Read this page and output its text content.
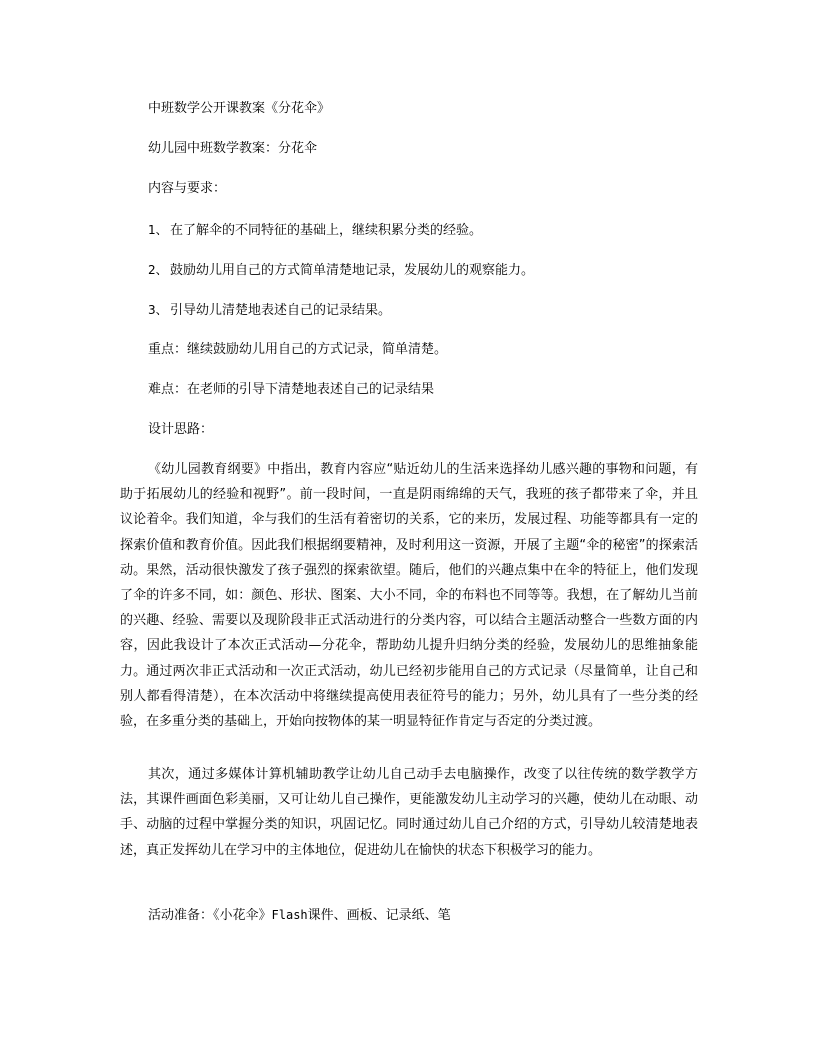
中班数学公开课教案《分花伞》
幼儿园中班数学教案：分花伞
内容与要求：
1、 在了解伞的不同特征的基础上，继续积累分类的经验。
2、 鼓励幼儿用自己的方式简单清楚地记录，发展幼儿的观察能力。
3、 引导幼儿清楚地表述自己的记录结果。
重点：继续鼓励幼儿用自己的方式记录，简单清楚。
难点：在老师的引导下清楚地表述自己的记录结果
设计思路：
《幼儿园教育纲要》中指出，教育内容应“贴近幼儿的生活来选择幼儿感兴趣的事物和问题，有助于拓展幼儿的经验和视野”。前一段时间，一直是阴雨绵绵的天气，我班的孩子都带来了伞，并且议论着伞。我们知道，伞与我们的生活有着密切的关系，它的来历，发展过程、功能等都具有一定的探索价值和教育价值。因此我们根据纲要精神，及时利用这一资源，开展了主题“伞的秘密”的探索活动。果然，活动很快激发了孩子强烈的探索欲望。随后，他们的兴趣点集中在伞的特征上，他们发现了伞的许多不同，如：颜色、形状、图案、大小不同，伞的布料也不同等等。我想，在了解幼儿当前的兴趣、经验、需要以及现阶段非正式活动进行的分类内容，可以结合主题活动整合一些数方面的内容，因此我设计了本次正式活动—分花伞，帮助幼儿提升归纳分类的经验，发展幼儿的思维抽象能力。通过两次非正式活动和一次正式活动，幼儿已经初步能用自己的方式记录（尽量简单，让自己和别人都看得清楚），在本次活动中将继续提高使用表征符号的能力；另外，幼儿具有了一些分类的经验，在多重分类的基础上，开始向按物体的某一明显特征作肯定与否定的分类过渡。
其次，通过多媒体计算机辅助教学让幼儿自己动手去电脑操作，改变了以往传统的数学教学方法，其课件画面色彩美丽，又可让幼儿自己操作，更能激发幼儿主动学习的兴趣，使幼儿在动眼、动手、动脑的过程中掌握分类的知识，巩固记忆。同时通过幼儿自己介绍的方式，引导幼儿较清楚地表述，真正发挥幼儿在学习中的主体地位，促进幼儿在愉快的状态下积极学习的能力。
活动准备：《小花伞》Flash课件、画板、记录纸、笔
